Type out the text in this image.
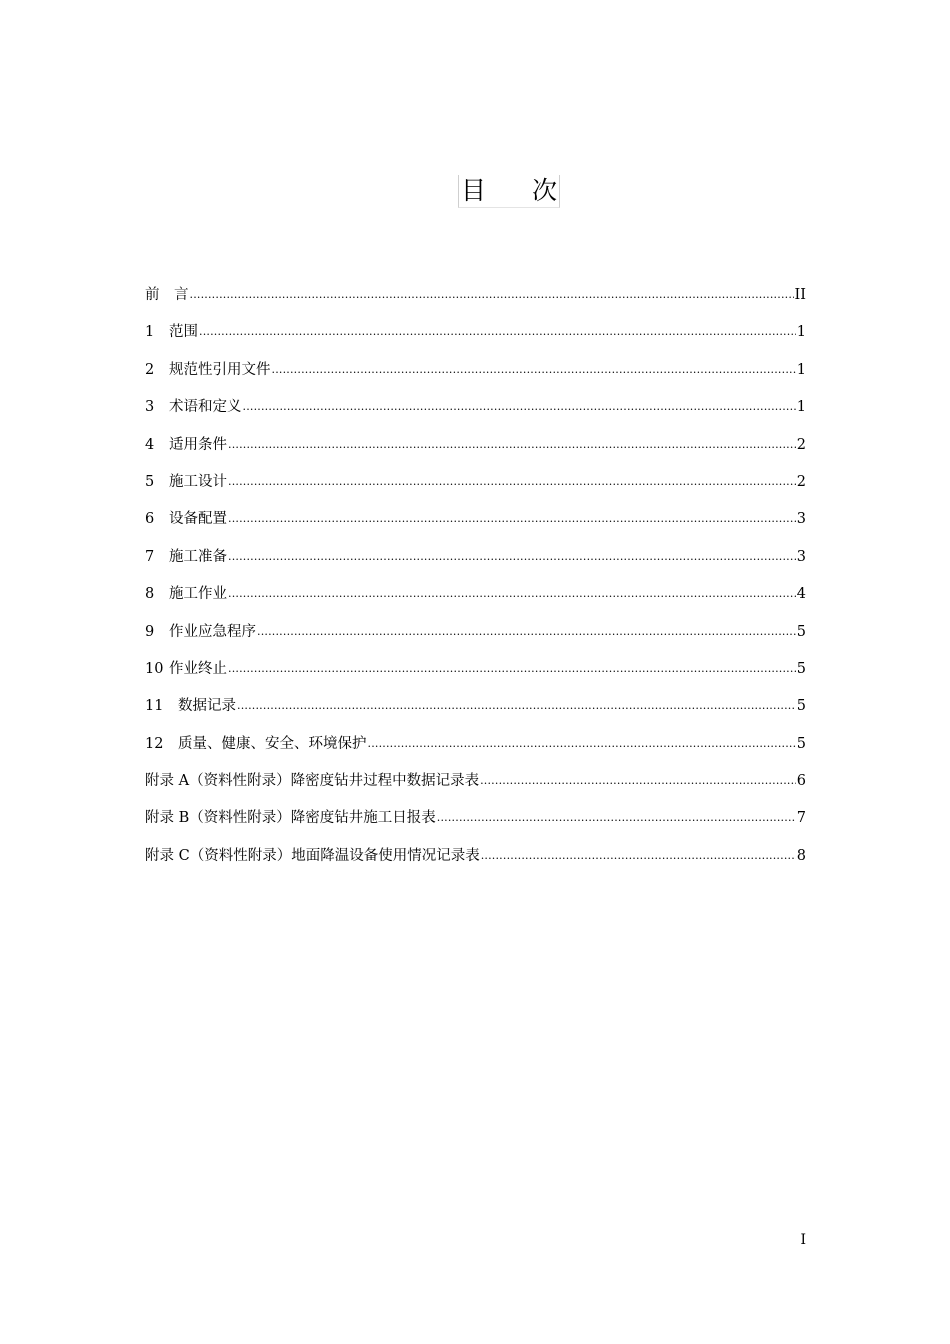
目 次
前　言 .....	II
1	范围 .....	1
2	规范性引用文件 .....	1
3	术语和定义 .....	1
4	适用条件 .....	2
5	施工设计 .....	2
6	设备配置 .....	3
7	施工准备 .....	3
8	施工作业 .....	4
9	作业应急程序 .....	5
10 作业终止 .....	5
11	数据记录 .....	5
12	质量、健康、安全、环境保护 .....	5
附录 A（资料性附录）降密度钻井过程中数据记录表 .....	6
附录 B（资料性附录）降密度钻井施工日报表 .....	7
附录 C（资料性附录）地面降温设备使用情况记录表 .....	8
I
